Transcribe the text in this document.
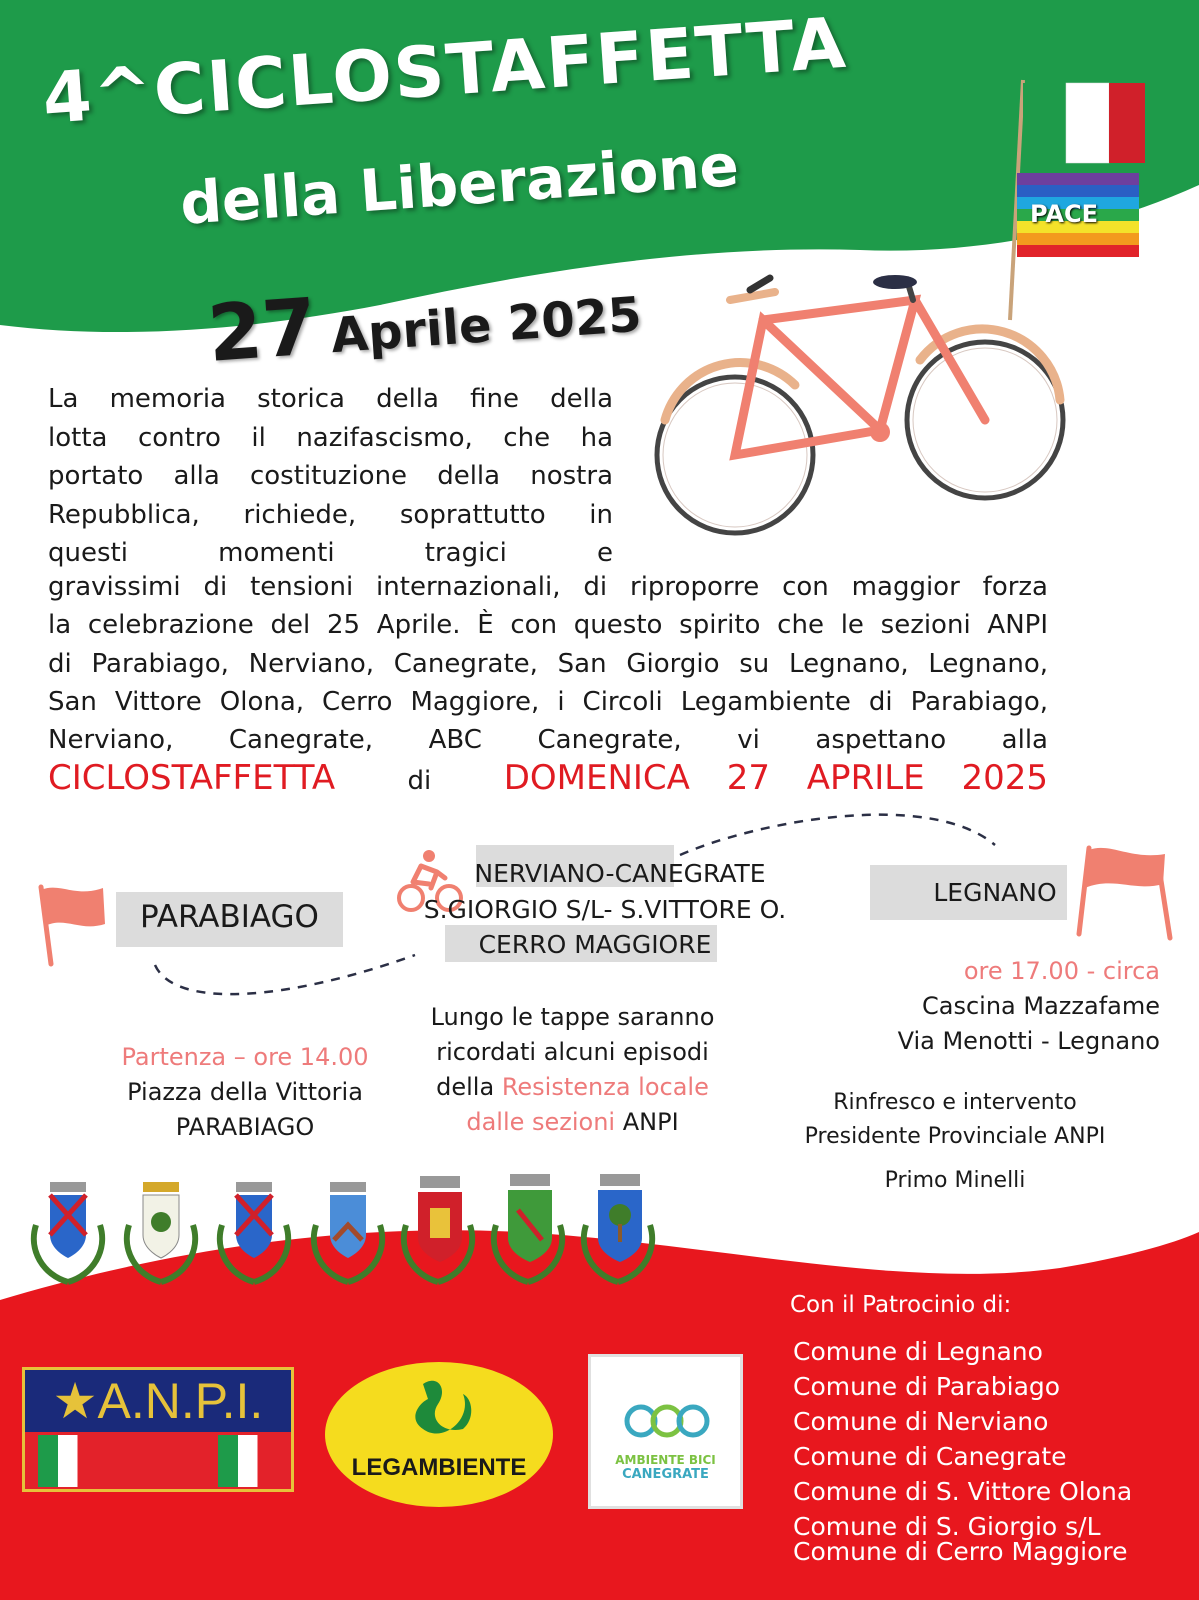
4^CICLOSTAFFETTA
della Liberazione
27 Aprile 2025
PACE
La memoria storica della fine della
lotta contro il nazifascismo, che ha
portato alla costituzione della nostra
Repubblica, richiede, soprattutto in
questi momenti tragici e
gravissimi di tensioni internazionali, di riproporre con maggior forza
la celebrazione del 25 Aprile. È con questo spirito che le sezioni ANPI
di Parabiago, Nerviano, Canegrate, San Giorgio su Legnano, Legnano,
San Vittore Olona, Cerro Maggiore, i Circoli Legambiente di Parabiago,
Nerviano, Canegrate, ABC Canegrate, vi aspettano alla
CICLOSTAFFETTA	di DOMENICA 27 APRILE 2025
PARABIAGO
NERVIANO-CANEGRATE
S.GIORGIO S/L- S.VITTORE O.
CERRO MAGGIORE
LEGNANO
Partenza – ore 14.00
Piazza della Vittoria
PARABIAGO
Lungo le tappe saranno
ricordati alcuni episodi
della Resistenza locale
dalle sezioni ANPI
ore 17.00 - circa
Cascina Mazzafame
Via Menotti - Legnano
Rinfresco e intervento
Presidente Provinciale ANPI
Primo Minelli
★ A.N.P.I.
LEGAMBIENTE	AMBIENTE BICI
CANEGRATE
Con il Patrocinio di:
Comune di Legnano
Comune di Parabiago
Comune di Nerviano
Comune di Canegrate
Comune di S. Vittore Olona
Comune di S. Giorgio s/L
Comune di Cerro Maggiore
